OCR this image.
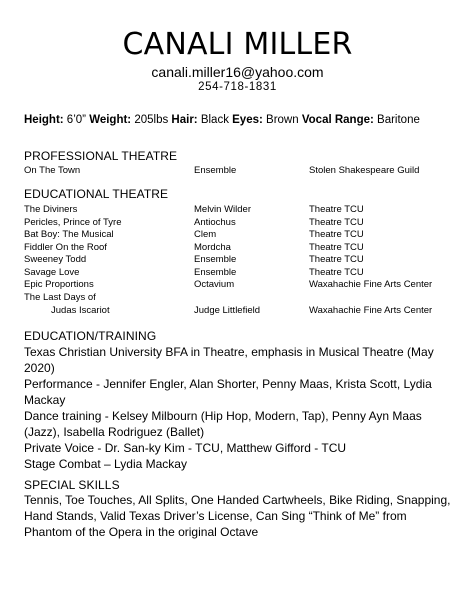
CANALI MILLER
canali.miller16@yahoo.com
254-718-1831
Height: 6’0” Weight: 205lbs Hair: Black Eyes: Brown Vocal Range: Baritone
PROFESSIONAL THEATRE
On The Town	Ensemble	Stolen Shakespeare Guild
EDUCATIONAL THEATRE
The Diviners	Melvin Wilder	Theatre TCU
Pericles, Prince of Tyre	Antiochus	Theatre TCU
Bat Boy: The Musical	Clem	Theatre TCU
Fiddler On the Roof	Mordcha	Theatre TCU
Sweeney Todd	Ensemble	Theatre TCU
Savage Love	Ensemble	Theatre TCU
Epic Proportions	Octavium	Waxahachie Fine Arts Center
The Last Days of
Judas Iscariot	Judge Littlefield	Waxahachie Fine Arts Center
EDUCATION/TRAINING
Texas Christian University BFA in Theatre, emphasis in Musical Theatre (May 2020)
Performance - Jennifer Engler, Alan Shorter, Penny Maas, Krista Scott, Lydia Mackay
Dance training - Kelsey Milbourn (Hip Hop, Modern, Tap), Penny Ayn Maas (Jazz), Isabella Rodriguez (Ballet)
Private Voice - Dr. San-ky Kim - TCU, Matthew Gifford - TCU
Stage Combat – Lydia Mackay
SPECIAL SKILLS
Tennis, Toe Touches, All Splits, One Handed Cartwheels, Bike Riding, Snapping, Hand Stands, Valid Texas Driver’s License, Can Sing “Think of Me” from Phantom of the Opera in the original Octave
